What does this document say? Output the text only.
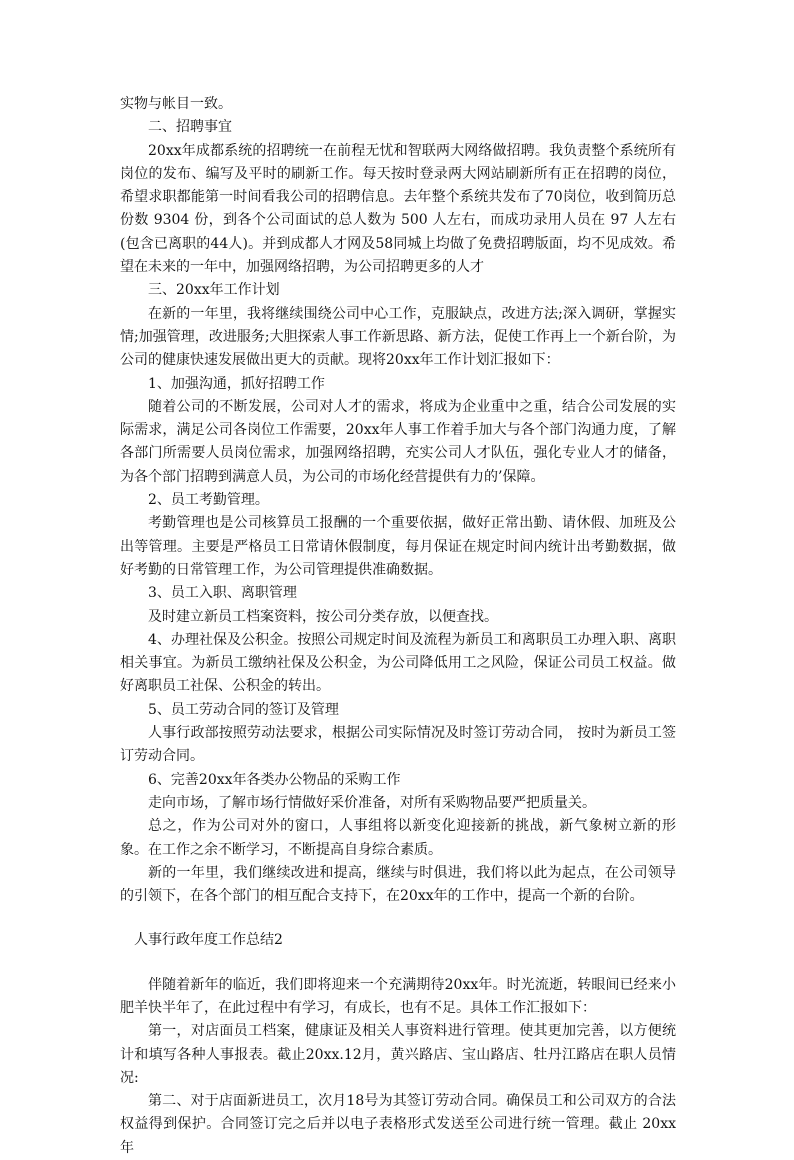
实物与帐目一致。

二、招聘事宜

20xx年成都系统的招聘统一在前程无忧和智联两大网络做招聘。我负责整个系统所有岗位的发布、编写及平时的刷新工作。每天按时登录两大网站刷新所有正在招聘的岗位，希望求职都能第一时间看我公司的招聘信息。去年整个系统共发布了70岗位，收到简历总份数 9304 份，到各个公司面试的总人数为 500 人左右，而成功录用人员在 97 人左右(包含已离职的44人)。并到成都人才网及58同城上均做了免费招聘版面，均不见成效。希望在未来的一年中，加强网络招聘，为公司招聘更多的人才

三、20xx年工作计划

在新的一年里，我将继续围绕公司中心工作，克服缺点，改进方法;深入调研，掌握实情;加强管理，改进服务;大胆探索人事工作新思路、新方法，促使工作再上一个新台阶，为公司的健康快速发展做出更大的贡献。现将20xx年工作计划汇报如下：

1、加强沟通，抓好招聘工作

随着公司的不断发展，公司对人才的需求，将成为企业重中之重，结合公司发展的实际需求，满足公司各岗位工作需要，20xx年人事工作着手加大与各个部门沟通力度，了解各部门所需要人员岗位需求，加强网络招聘，充实公司人才队伍，强化专业人才的储备，为各个部门招聘到满意人员，为公司的市场化经营提供有力的’保障。

2、员工考勤管理。

考勤管理也是公司核算员工报酬的一个重要依据，做好正常出勤、请休假、加班及公出等管理。主要是严格员工日常请休假制度，每月保证在规定时间内统计出考勤数据，做好考勤的日常管理工作，为公司管理提供准确数据。

3、员工入职、离职管理

及时建立新员工档案资料，按公司分类存放，以便查找。

4、办理社保及公积金。按照公司规定时间及流程为新员工和离职员工办理入职、离职相关事宜。为新员工缴纳社保及公积金，为公司降低用工之风险，保证公司员工权益。做好离职员工社保、公积金的转出。

5、员工劳动合同的签订及管理

人事行政部按照劳动法要求，根据公司实际情况及时签订劳动合同， 按时为新员工签订劳动合同。

6、完善20xx年各类办公物品的采购工作

走向市场，了解市场行情做好采价准备，对所有采购物品要严把质量关。

总之，作为公司对外的窗口，人事组将以新变化迎接新的挑战，新气象树立新的形象。在工作之余不断学习，不断提高自身综合素质。

新的一年里，我们继续改进和提高，继续与时俱进，我们将以此为起点，在公司领导的引领下，在各个部门的相互配合支持下，在20xx年的工作中，提高一个新的台阶。

人事行政年度工作总结2

伴随着新年的临近，我们即将迎来一个充满期待20xx年。时光流逝，转眼间已经来小肥羊快半年了，在此过程中有学习，有成长，也有不足。具体工作汇报如下：

第一，对店面员工档案，健康证及相关人事资料进行管理。使其更加完善，以方便统计和填写各种人事报表。截止20xx.12月，黄兴路店、宝山路店、牡丹江路店在职人员情况:

第二、对于店面新进员工，次月18号为其签订劳动合同。确保员工和公司双方的合法权益得到保护。合同签订完之后并以电子表格形式发送至公司进行统一管理。截止 20xx年
